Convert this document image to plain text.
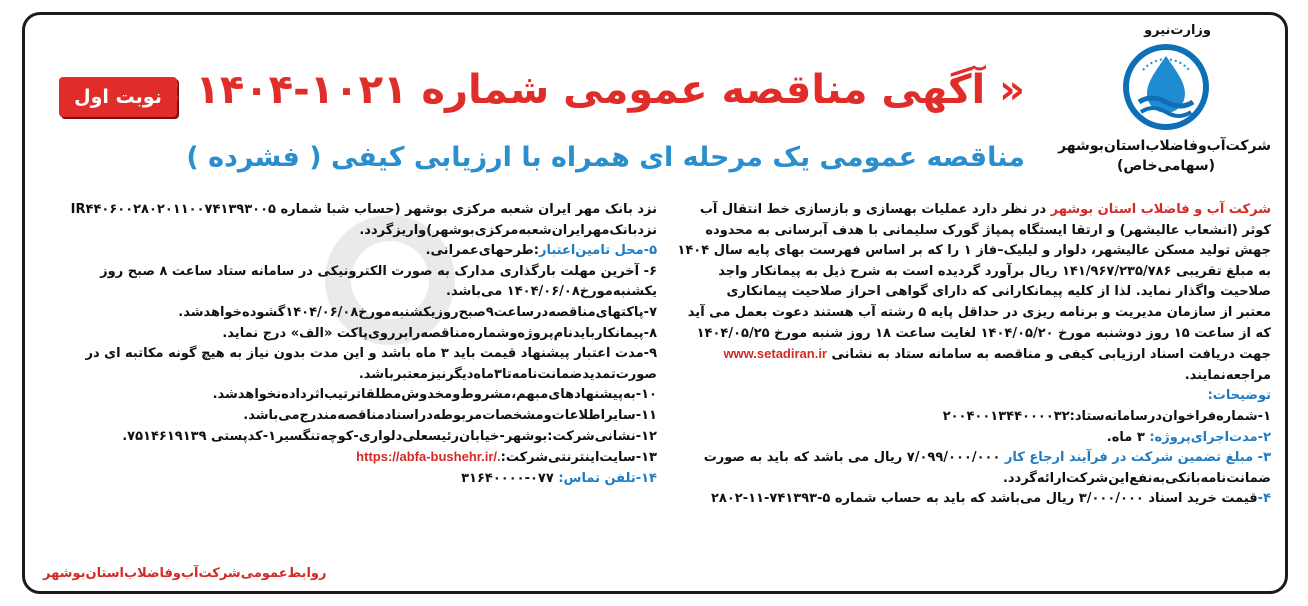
وزارت‌نیرو
شرکت‌آب‌وفاضلاب‌استان‌بوشهر
(سهامی‌خاص)
نوبت اول
« آگهی مناقصه عمومی شماره ۱۰۲۱-۱۴۰۴ »
مناقصه عمومی یک مرحله ای همراه با ارزیابی کیفی ( فشرده )
شرکت آب و فاضلاب استان بوشهر در نظر دارد عملیات بهسازی و بازسازی خط انتقال آب
کوثر (انشعاب عالیشهر) و ارتقا ایستگاه پمپاژ گورک سلیمانی با هدف آبرسانی به محدوده
جهش تولید مسکن عالیشهر، دلوار و لیلیک–فاز ۱ را که بر اساس فهرست بهای پایه سال ۱۴۰۴
به مبلغ تقریبی ۱۴۱/۹۶۷/۲۳۵/۷۸۶ ریال برآورد گردیده است به شرح ذیل به پیمانکار واجد
صلاحیت واگذار نماید. لذا از کلیه پیمانکارانی که دارای گواهی احراز صلاحیت پیمانکاری
معتبر از سازمان مدیریت و برنامه ریزی در حداقل پایه ۵ رشته آب هستند دعوت بعمل می آید
که از ساعت ۱۵ روز دوشنبه مورخ ۱۴۰۴/۰۵/۲۰ لغایت ساعت ۱۸ روز شنبه مورخ ۱۴۰۴/۰۵/۲۵
جهت دریافت اسناد ارزیابی کیفی و مناقصه به سامانه ستاد به نشانی www.setadiran.ir
مراجعه‌نمایند.
توضیحات:
۱-شماره‌فراخوان‌در‌سامانه‌ستاد:۲۰۰۴۰۰۱۳۴۴۰۰۰۰۳۲
۲-مدت‌اجرای‌پروژه: ۳ ماه.
۳- مبلغ تضمین شرکت در فرآیند ارجاع کار ۷/۰۹۹/۰۰۰/۰۰۰ ریال می باشد که باید به صورت
ضمانت‌نامه‌بانکی‌به‌نفع‌این‌شرکت‌ارائه‌گردد.
۴-قیمت خرید اسناد ۳/۰۰۰/۰۰۰ ریال می‌باشد که باید به حساب شماره ۵-۷۴۱۳۹۳-۱۱-۲۸۰۲
نزد بانک مهر ایران شعبه مرکزی بوشهر (حساب شبا شماره IR۴۴۰۶۰۰۲۸۰۲۰۱۱۰۰۷۴۱۳۹۳۰۰۵
نزدبانک‌مهرایران‌شعبه‌مرکزی‌بوشهر)واریزگردد.
۵-محل تامین‌اعتبار:طرحهای‌عمرانی.
۶- آخرین مهلت بارگذاری مدارک به صورت الکترونیکی در سامانه ستاد ساعت ۸ صبح روز
یکشنبه‌مورخ۱۴۰۴/۰۶/۰۸ می‌باشد.
۷-پاکتهای‌مناقصه‌در‌ساعت۹صبح‌روز‌یکشنبه‌مورخ۱۴۰۴/۰۶/۰۸‌گشوده‌خواهدشد.
۸-پیمانکار‌باید‌نام‌پروژه‌و‌شماره‌مناقصه‌را‌بر‌روی‌پاکت «الف» درج نماید.
۹-مدت اعتبار پیشنهاد قیمت باید ۳ ماه باشد و این مدت بدون نیاز به هیچ گونه مکاتبه ای در
صورت‌تمدیدضمانت‌نامه‌تا۳ماه‌دیگر‌نیز‌معتبر‌باشد.
۱۰-به‌پیشنهادهای‌مبهم،مشروط‌ومخدوش‌مطلقا‌ترتیب‌اثر‌داده‌نخواهدشد.
۱۱-سایر‌اطلاعات‌و‌مشخصات‌مربوطه‌در‌اسناد‌مناقصه‌مندرج‌می‌باشد.
۱۲-نشانی‌شرکت:بوشهر-خیابان‌رئیسعلی‌دلواری-کوچه‌تنگسیر۱-کدپستی ۷۵۱۴۶۱۹۱۳۹.
۱۳-سایت‌اینترنتی‌شرکت:https://abfa-bushehr.ir/.
۱۴-تلفن تماس: ۰۷۷-۳۱۶۴۰۰۰۰
روابط‌عمومی‌شرکت‌آب‌وفاضلاب‌استان‌بوشهر
